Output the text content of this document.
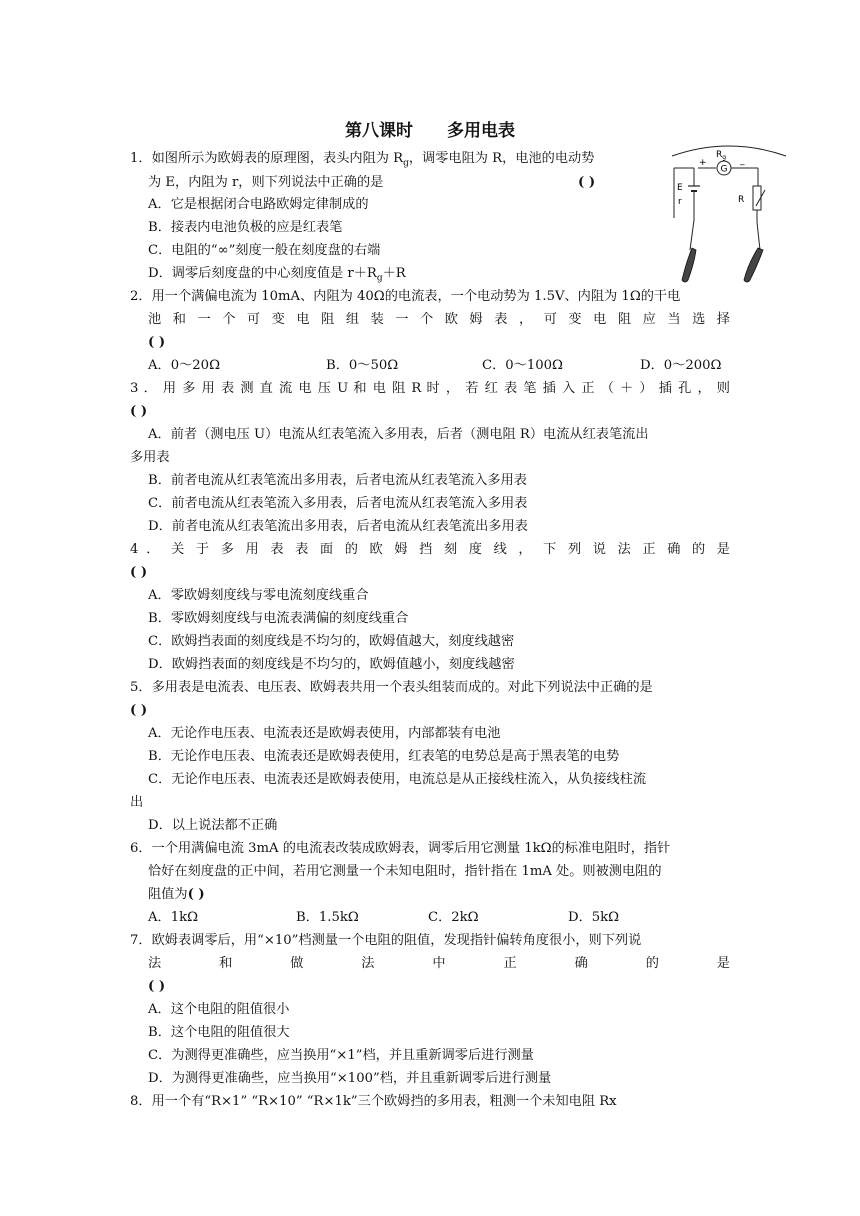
第八课时 多用电表
1．如图所示为欧姆表的原理图，表头内阻为 $R_g$，调零电阻为 R，电池的电动势
为 E，内阻为 r，则下列说法中正确的是	( )
A．它是根据闭合电路欧姆定律制成的
B．接表内电池负极的应是红表笔
C．电阻的“∞”刻度一般在刻度盘的右端
D．调零后刻度盘的中心刻度值是 $r+R_g+R$
G
$R_g$
+	_
E
r	R
2．用一个满偏电流为 10mA、内阻为 40Ω的电流表，一个电动势为 1.5V、内阻为 1Ω的干电
池 和 一 个 可 变 电 阻 组 装 一 个 欧 姆 表 ， 可 变 电 阻 应 当 选 择
( )
A．0～20Ω	B．0～50Ω	C．0～100Ω	D．0～200Ω
3 ． 用 多 用 表 测 直 流 电 压 U 和 电 阻 R 时 ， 若 红 表 笔 插 入 正 （ ＋ ） 插 孔 ， 则
( )
A．前者（测电压 U）电流从红表笔流入多用表，后者（测电阻 R）电流从红表笔流出
多用表
B．前者电流从红表笔流出多用表，后者电流从红表笔流入多用表
C．前者电流从红表笔流入多用表，后者电流从红表笔流入多用表
D．前者电流从红表笔流出多用表，后者电流从红表笔流出多用表
4 ． 关 于 多 用 表 表 面 的 欧 姆 挡 刻 度 线 ， 下 列 说 法 正 确 的 是
( )
A．零欧姆刻度线与零电流刻度线重合
B．零欧姆刻度线与电流表满偏的刻度线重合
C．欧姆挡表面的刻度线是不均匀的，欧姆值越大，刻度线越密
D．欧姆挡表面的刻度线是不均匀的，欧姆值越小，刻度线越密
5．多用表是电流表、电压表、欧姆表共用一个表头组装而成的。对此下列说法中正确的是
( )
A．无论作电压表、电流表还是欧姆表使用，内部都装有电池
B．无论作电压表、电流表还是欧姆表使用，红表笔的电势总是高于黑表笔的电势
C．无论作电压表、电流表还是欧姆表使用，电流总是从正接线柱流入，从负接线柱流
出
D．以上说法都不正确
6．一个用满偏电流 3mA 的电流表改装成欧姆表，调零后用它测量 1kΩ的标准电阻时，指针
恰好在刻度盘的正中间，若用它测量一个未知电阻时，指针指在 1mA 处。则被测电阻的
阻值为( )
A．1kΩ	B．1.5kΩ	C．2kΩ	D．5kΩ
7．欧姆表调零后，用“×10”档测量一个电阻的阻值，发现指针偏转角度很小，则下列说
法 和 做 法 中 正 确 的 是
( )
A．这个电阻的阻值很小
B．这个电阻的阻值很大
C．为测得更准确些，应当换用“×1”档，并且重新调零后进行测量
D．为测得更准确些，应当换用“×100”档，并且重新调零后进行测量
8．用一个有“R×1” “R×10” “R×1k”三个欧姆挡的多用表，粗测一个未知电阻 Rx
